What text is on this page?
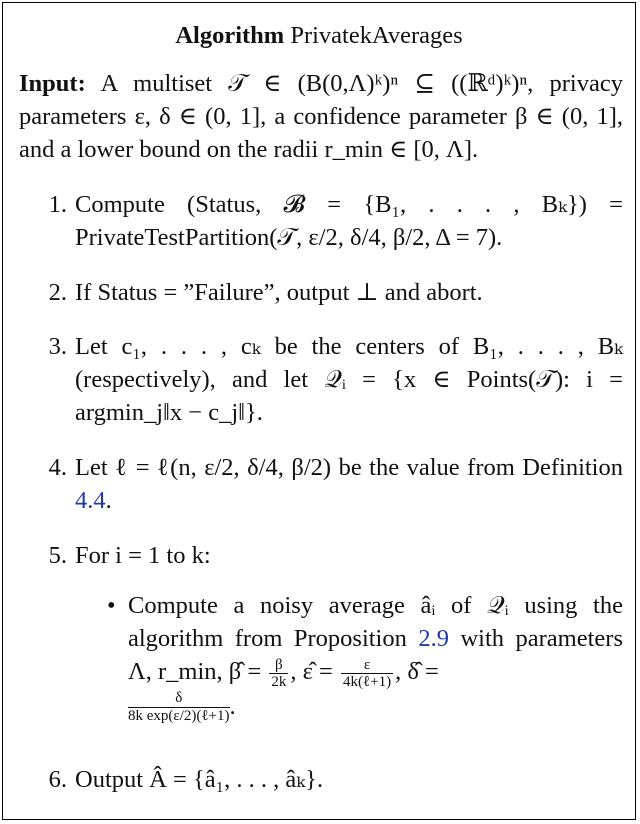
Algorithm PrivatekAverages
Input: A multiset 𝒯 ∈ (B(0,Λ)ᵏ)ⁿ ⊆ ((ℝᵈ)ᵏ)ⁿ, privacy parameters ε, δ ∈ (0, 1], a confidence parameter β ∈ (0, 1], and a lower bound on the radii r_min ∈ [0, Λ].
1. Compute (Status, 𝓑 = {B₁, . . . , Bₖ}) = PrivateTestPartition(𝒯, ε/2, δ/4, β/2, Δ = 7).
2. If Status = ”Failure”, output ⊥ and abort.
3. Let c₁, . . . , cₖ be the centers of B₁, . . . , Bₖ (respectively), and let 𝒬ᵢ = {x ∈ Points(𝒯): i = argmin_j‖x − c_j‖}.
4. Let ℓ = ℓ(n, ε/2, δ/4, β/2) be the value from Definition 4.4.
5. For i = 1 to k:
• Compute a noisy average âᵢ of 𝒬ᵢ using the algorithm from Proposition 2.9 with parameters Λ, r_min, β̂ = $\frac{\beta}{2k}$ , ε̂ = $\frac{\varepsilon}{\text{4k(ℓ+1)}}$ , δ̂ =

δ
8k exp(ε/2)(ℓ+1) .
6. Output Â = {â₁, . . . , âₖ}.
